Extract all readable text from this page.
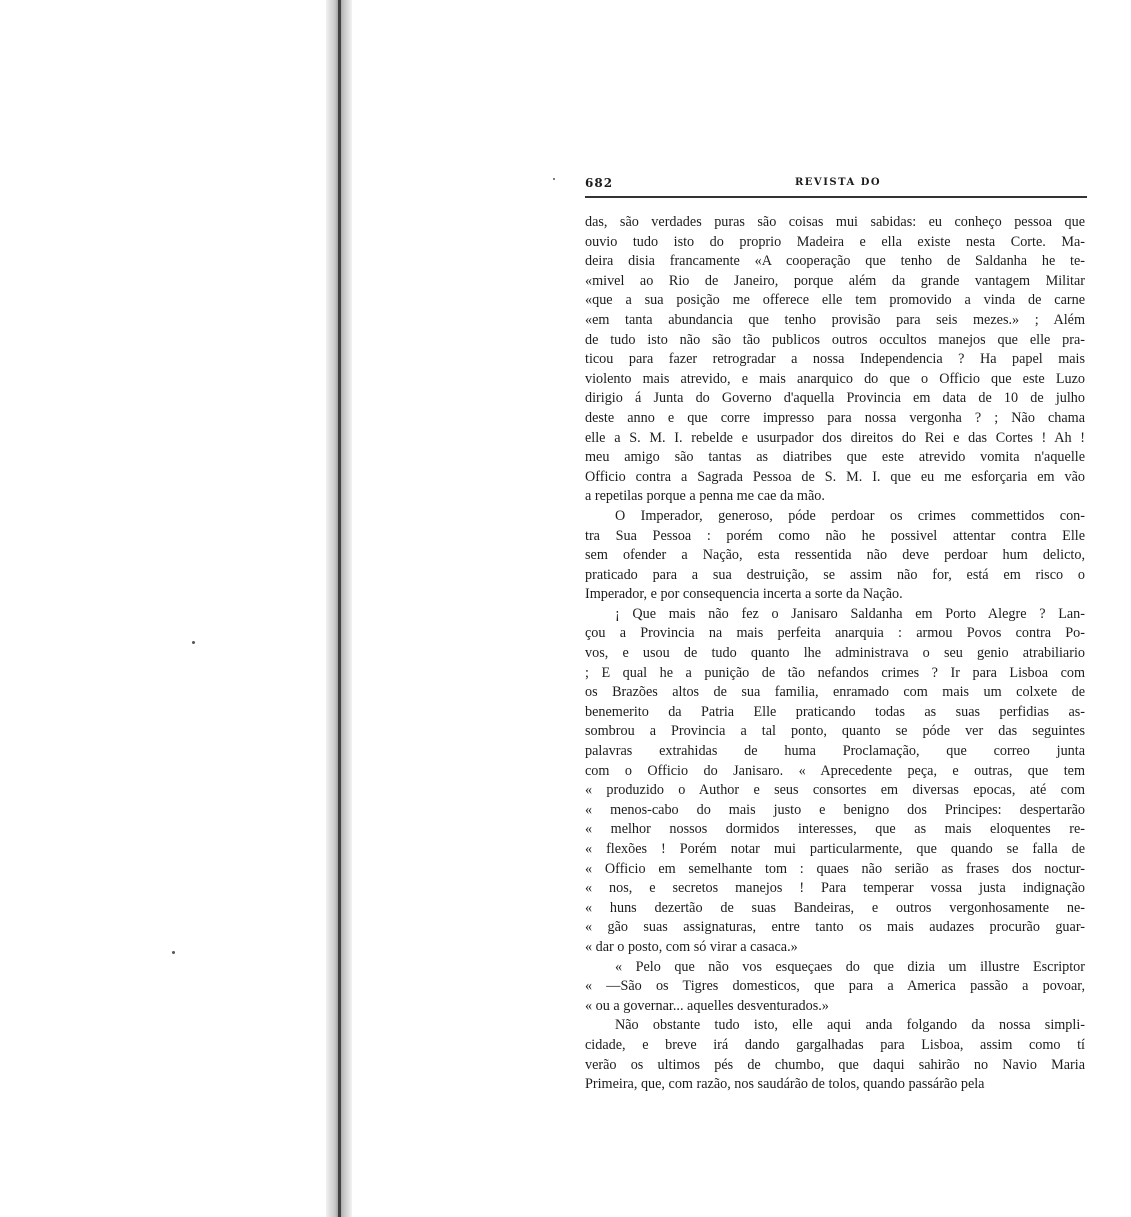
682	REVISTA DO
das, são verdades puras são coisas mui sabidas: eu conheço pessoa que
ouvio tudo isto do proprio Madeira e ella existe nesta Corte. Ma-
deira disia francamente «A cooperação que tenho de Saldanha he te-
«mivel ao Rio de Janeiro, porque além da grande vantagem Militar
«que a sua posição me offerece elle tem promovido a vinda de carne
«em tanta abundancia que tenho provisão para seis mezes.» ; Além
de tudo isto não são tão publicos outros occultos manejos que elle pra-
ticou para fazer retrogradar a nossa Independencia ? Ha papel mais
violento mais atrevido, e mais anarquico do que o Officio que este Luzo
dirigio á Junta do Governo d'aquella Provincia em data de 10 de julho
deste anno e que corre impresso para nossa vergonha ? ; Não chama
elle a S. M. I. rebelde e usurpador dos direitos do Rei e das Cortes ! Ah !
meu amigo são tantas as diatribes que este atrevido vomita n'aquelle
Officio contra a Sagrada Pessoa de S. M. I. que eu me esforçaria em vão
a repetilas porque a penna me cae da mão.
O Imperador, generoso, póde perdoar os crimes commettidos con-
tra Sua Pessoa : porém como não he possivel attentar contra Elle
sem ofender a Nação, esta ressentida não deve perdoar hum delicto,
praticado para a sua destruição, se assim não for, está em risco o
Imperador, e por consequencia incerta a sorte da Nação.
¡ Que mais não fez o Janisaro Saldanha em Porto Alegre ? Lan-
çou a Provincia na mais perfeita anarquia : armou Povos contra Po-
vos, e usou de tudo quanto lhe administrava o seu genio atrabiliario
; E qual he a punição de tão nefandos crimes ? Ir para Lisboa com
os Brazões altos de sua familia, enramado com mais um colxete de
benemerito da Patria Elle praticando todas as suas perfidias as-
sombrou a Provincia a tal ponto, quanto se póde ver das seguintes
palavras extrahidas de huma Proclamação, que correo junta
com o Officio do Janisaro. « Aprecedente peça, e outras, que tem
« produzido o Author e seus consortes em diversas epocas, até com
« menos-cabo do mais justo e benigno dos Principes: despertarão
« melhor nossos dormidos interesses, que as mais eloquentes re-
« flexões ! Porém notar mui particularmente, que quando se falla de
« Officio em semelhante tom : quaes não serião as frases dos noctur-
« nos, e secretos manejos ! Para temperar vossa justa indignação
« huns dezertão de suas Bandeiras, e outros vergonhosamente ne-
« gão suas assignaturas, entre tanto os mais audazes procurão guar-
« dar o posto, com só virar a casaca.»
« Pelo que não vos esqueçaes do que dizia um illustre Escriptor
« —São os Tigres domesticos, que para a America passão a povoar,
« ou a governar... aquelles desventurados.»
Não obstante tudo isto, elle aqui anda folgando da nossa simpli-
cidade, e breve irá dando gargalhadas para Lisboa, assim como tí
verão os ultimos pés de chumbo, que daqui sahirão no Navio Maria
Primeira, que, com razão, nos saudárão de tolos, quando passárão pela
